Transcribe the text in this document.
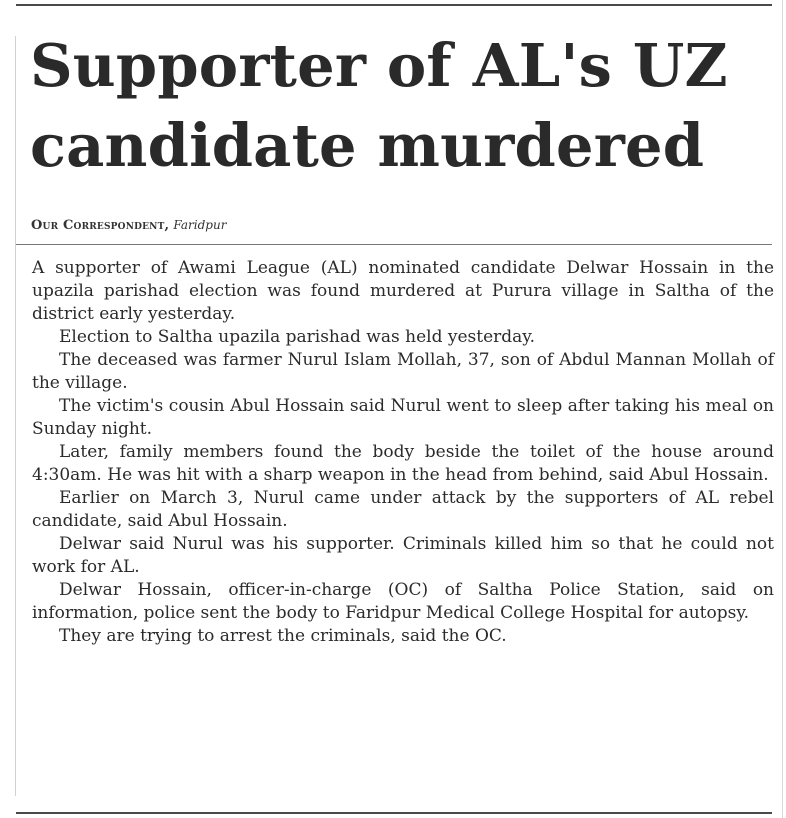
Supporter of AL's UZ
candidate murdered
Our Correspondent, Faridpur

A supporter of Awami League (AL) nominated candidate Delwar Hossain in the upazila parishad election was found murdered at Purura village in Saltha of the district early yesterday.

Election to Saltha upazila parishad was held yesterday.

The deceased was farmer Nurul Islam Mollah, 37, son of Abdul Mannan Mollah of the village.

The victim's cousin Abul Hossain said Nurul went to sleep after taking his meal on Sunday night.

Later, family members found the body beside the toilet of the house around 4:30am. He was hit with a sharp weapon in the head from behind, said Abul Hossain.

Earlier on March 3, Nurul came under attack by the supporters of AL rebel candidate, said Abul Hossain.

Delwar said Nurul was his supporter. Criminals killed him so that he could not work for AL.

Delwar Hossain, officer-in-charge (OC) of Saltha Police Station, said on information, police sent the body to Faridpur Medical College Hospital for autopsy.

They are trying to arrest the criminals, said the OC.
